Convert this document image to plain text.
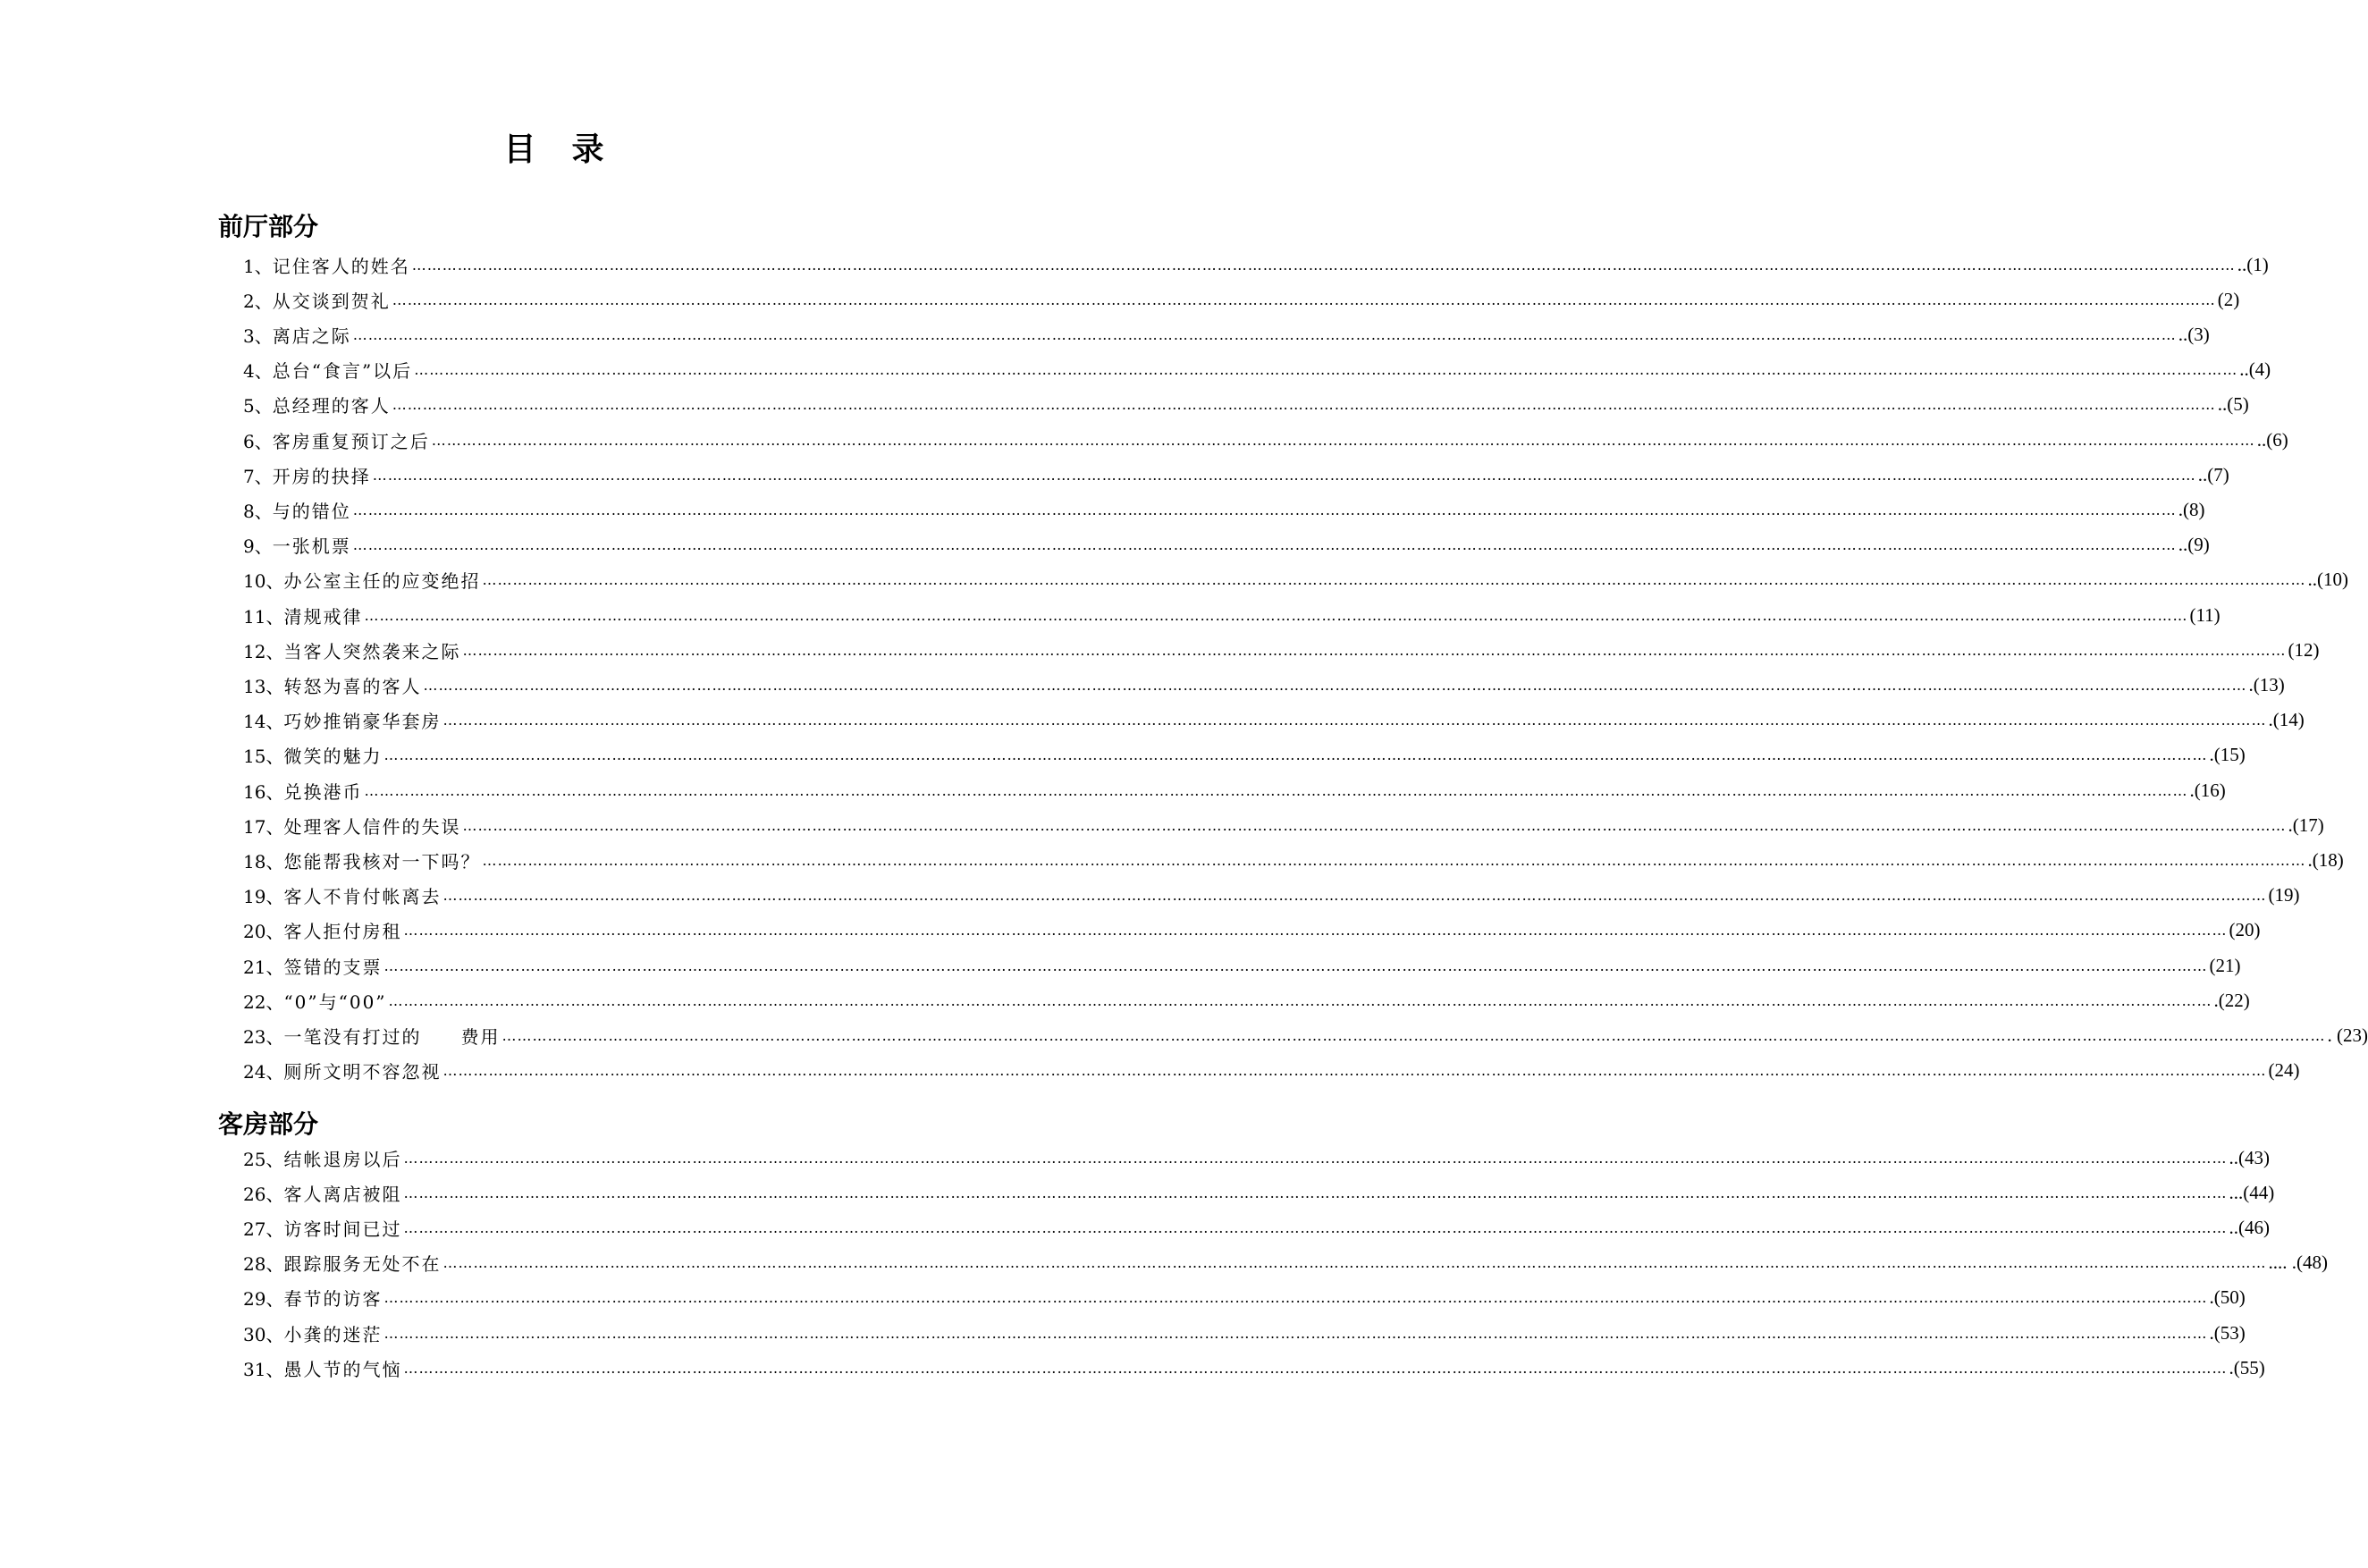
目　录
前厅部分
1、 记住客人的姓名 ……………………………………………………………………………………………………………………………………………………………………………………………………………………………………………………………………………………………………………………………… ..(1)
2、 从交谈到贺礼 ……………………………………………………………………………………………………………………………………………………………………………………………………………………………………………………………………………………………………………………………… (2)
3、 离店之际 ……………………………………………………………………………………………………………………………………………………………………………………………………………………………………………………………………………………………………………………………… ..(3)
4、 总台“食言”以后 ……………………………………………………………………………………………………………………………………………………………………………………………………………………………………………………………………………………………………………………………… ..(4)
5、 总经理的客人 ……………………………………………………………………………………………………………………………………………………………………………………………………………………………………………………………………………………………………………………………… ..(5)
6、 客房重复预订之后 ……………………………………………………………………………………………………………………………………………………………………………………………………………………………………………………………………………………………………………………………… ..(6)
7、 开房的抉择 ……………………………………………………………………………………………………………………………………………………………………………………………………………………………………………………………………………………………………………………………… ..(7)
8、 与的错位 ……………………………………………………………………………………………………………………………………………………………………………………………………………………………………………………………………………………………………………………………… .(8)
9、 一张机票 ……………………………………………………………………………………………………………………………………………………………………………………………………………………………………………………………………………………………………………………………… ..(9)
10、 办公室主任的应变绝招 ……………………………………………………………………………………………………………………………………………………………………………………………………………………………………………………………………………………………………………………………… ..(10)
11、 清规戒律 ……………………………………………………………………………………………………………………………………………………………………………………………………………………………………………………………………………………………………………………………… (11)
12、 当客人突然袭来之际 ……………………………………………………………………………………………………………………………………………………………………………………………………………………………………………………………………………………………………………………………… (12)
13、 转怒为喜的客人 ……………………………………………………………………………………………………………………………………………………………………………………………………………………………………………………………………………………………………………………………… .(13)
14、 巧妙推销豪华套房 ……………………………………………………………………………………………………………………………………………………………………………………………………………………………………………………………………………………………………………………………… .(14)
15、 微笑的魅力 ……………………………………………………………………………………………………………………………………………………………………………………………………………………………………………………………………………………………………………………………… .(15)
16、 兑换港币 ……………………………………………………………………………………………………………………………………………………………………………………………………………………………………………………………………………………………………………………………… .(16)
17、 处理客人信件的失误 ……………………………………………………………………………………………………………………………………………………………………………………………………………………………………………………………………………………………………………………………… .(17)
18、 您能帮我核对一下吗？ ……………………………………………………………………………………………………………………………………………………………………………………………………………………………………………………………………………………………………………………………… .(18)
19、 客人不肯付帐离去 ……………………………………………………………………………………………………………………………………………………………………………………………………………………………………………………………………………………………………………………………… (19)
20、 客人拒付房租 ……………………………………………………………………………………………………………………………………………………………………………………………………………………………………………………………………………………………………………………………… (20)
21、 签错的支票 ……………………………………………………………………………………………………………………………………………………………………………………………………………………………………………………………………………………………………………………………… (21)
22、 “0”与“00” ……………………………………………………………………………………………………………………………………………………………………………………………………………………………………………………………………………………………………………………………… .(22)
23、 一笔没有打过的　　费用 ……………………………………………………………………………………………………………………………………………………………………………………………………………………………………………………………………………………………………………………………… . (23)
24、 厕所文明不容忽视 ……………………………………………………………………………………………………………………………………………………………………………………………………………………………………………………………………………………………………………………………… (24)
客房部分
25、 结帐退房以后 ……………………………………………………………………………………………………………………………………………………………………………………………………………………………………………………………………………………………………………………………… ..(43)
26、 客人离店被阻 ……………………………………………………………………………………………………………………………………………………………………………………………………………………………………………………………………………………………………………………………… ...(44)
27、 访客时间已过 ……………………………………………………………………………………………………………………………………………………………………………………………………………………………………………………………………………………………………………………………… ..(46)
28、 跟踪服务无处不在 ……………………………………………………………………………………………………………………………………………………………………………………………………………………………………………………………………………………………………………………………… .... .(48)
29、 春节的访客 ……………………………………………………………………………………………………………………………………………………………………………………………………………………………………………………………………………………………………………………………… .(50)
30、 小龚的迷茫 ……………………………………………………………………………………………………………………………………………………………………………………………………………………………………………………………………………………………………………………………… .(53)
31、 愚人节的气恼 ……………………………………………………………………………………………………………………………………………………………………………………………………………………………………………………………………………………………………………………………… .(55)
